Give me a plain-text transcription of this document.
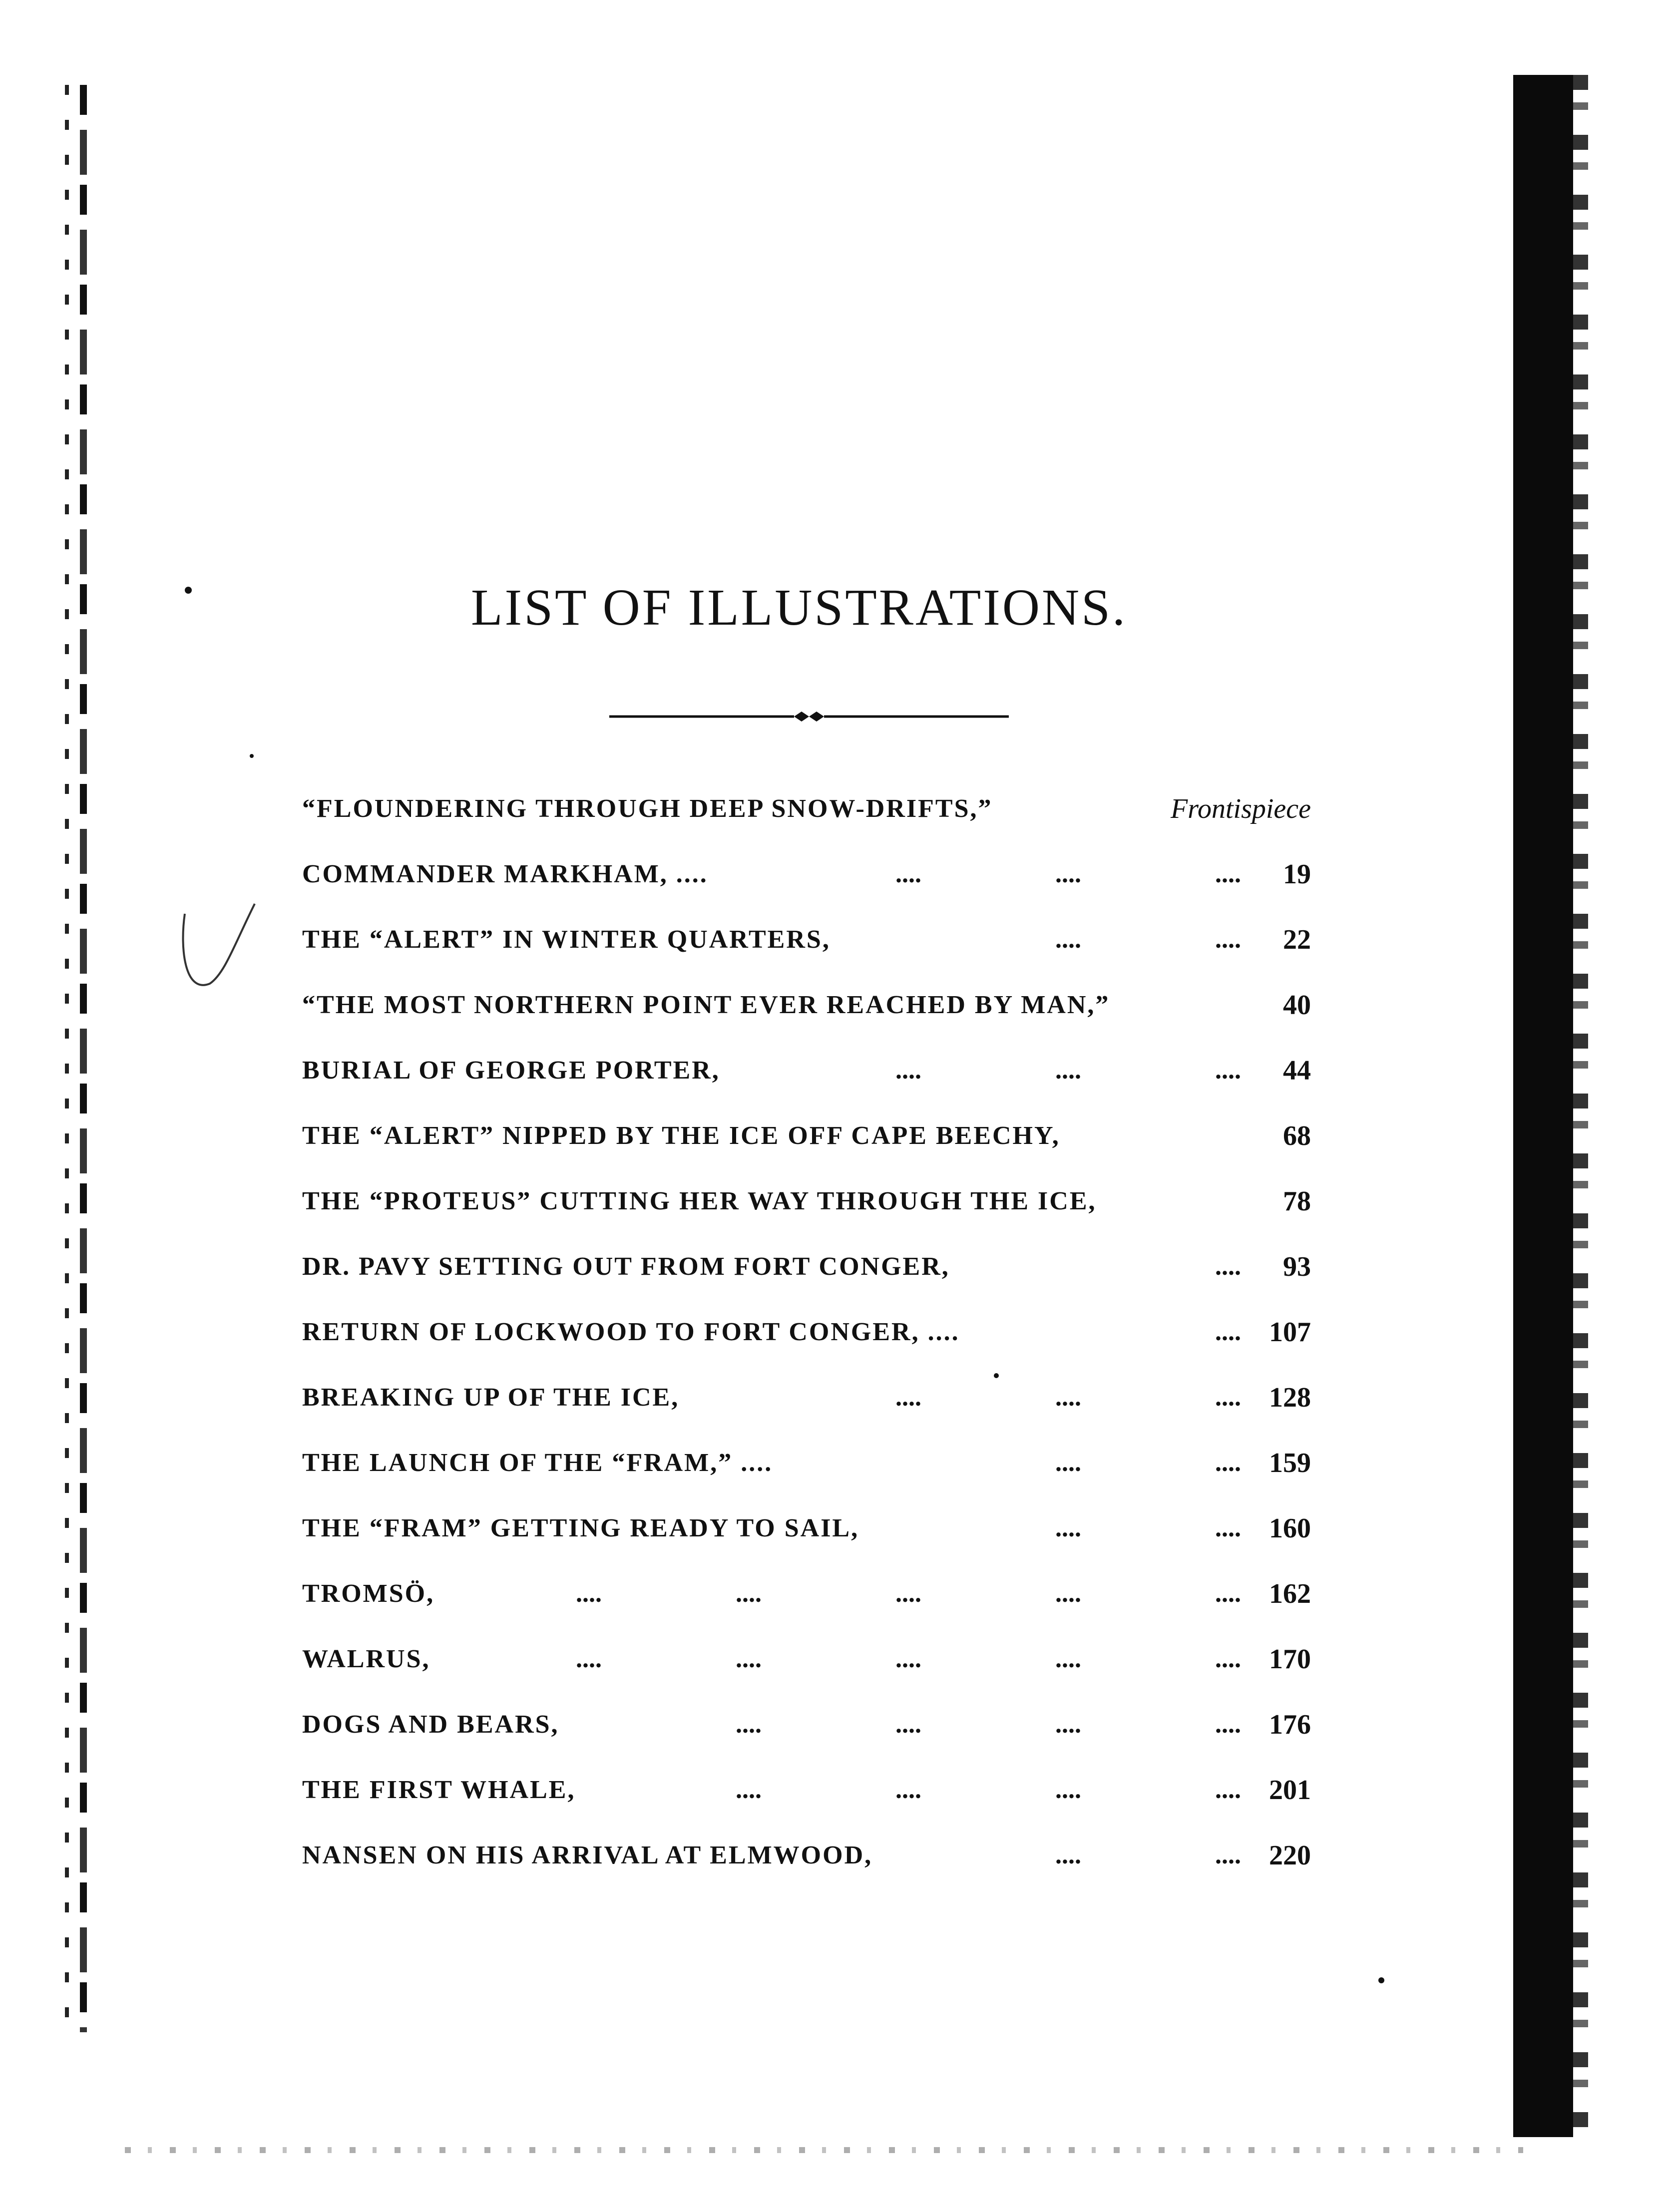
LIST OF ILLUSTRATIONS.
“FLOUNDERING THROUGH DEEP SNOW-DRIFTS,”	Frontispiece
COMMANDER MARKHAM, ....	....	....	.... 19
THE “ALERT” IN WINTER QUARTERS,	....	.... 22
“THE MOST NORTHERN POINT EVER REACHED BY MAN,”	40
BURIAL OF GEORGE PORTER,	....	....	.... 44
THE “ALERT” NIPPED BY THE ICE OFF CAPE BEECHY,	68
THE “PROTEUS” CUTTING HER WAY THROUGH THE ICE,	78
DR. PAVY SETTING OUT FROM FORT CONGER,	.... 93
RETURN OF LOCKWOOD TO FORT CONGER, ....	.... 107
BREAKING UP OF THE ICE,	....	....	.... 128
THE LAUNCH OF THE “FRAM,” ....	....	.... 159
THE “FRAM” GETTING READY TO SAIL,	....	.... 160
TROMSÖ,	....	....	....	....	.... 162
WALRUS,	....	....	....	....	.... 170
DOGS AND BEARS,	....	....	....	.... 176
THE FIRST WHALE,	....	....	....	.... 201
NANSEN ON HIS ARRIVAL AT ELMWOOD,	....	.... 220
